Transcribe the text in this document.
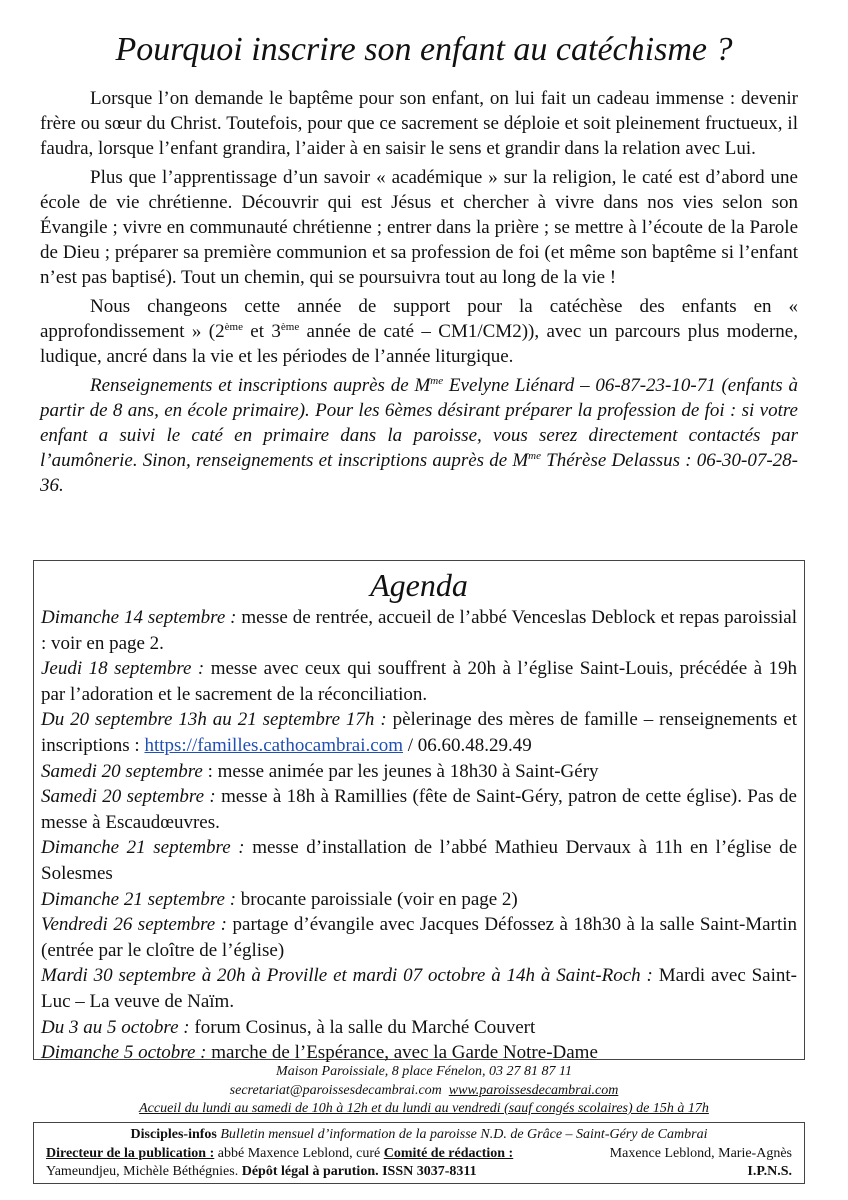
Pourquoi inscrire son enfant au catéchisme ?

Lorsque l’on demande le baptême pour son enfant, on lui fait un cadeau immense : devenir frère ou sœur du Christ. Toutefois, pour que ce sacrement se déploie et soit pleinement fructueux, il faudra, lorsque l’enfant grandira, l’aider à en saisir le sens et grandir dans la relation avec Lui.

Plus que l’apprentissage d’un savoir « académique » sur la religion, le caté est d’abord une école de vie chrétienne. Découvrir qui est Jésus et chercher à vivre dans nos vies selon son Évangile ; vivre en communauté chrétienne ; entrer dans la prière ; se mettre à l’écoute de la Parole de Dieu ; préparer sa première communion et sa profession de foi (et même son baptême si l’enfant n’est pas baptisé). Tout un chemin, qui se poursuivra tout au long de la vie !

Nous changeons cette année de support pour la catéchèse des enfants en « approfondissement » (2ème et 3ème année de caté – CM1/CM2)), avec un parcours plus moderne, ludique, ancré dans la vie et les périodes de l’année liturgique.

Renseignements et inscriptions auprès de $M^{me}$ Evelyne Liénard – 06-87-23-10-71 (enfants à partir de 8 ans, en école primaire). Pour les 6èmes désirant préparer la profession de foi : si votre enfant a suivi le caté en primaire dans la paroisse, vous serez directement contactés par l’aumônerie. Sinon, renseignements et inscriptions auprès de $M^{me}$ Thérèse Delassus : 06-30-07-28-36.

Agenda
Dimanche 14 septembre : messe de rentrée, accueil de l’abbé Venceslas Deblock et repas paroissial : voir en page 2.
Jeudi 18 septembre : messe avec ceux qui souffrent à 20h à l’église Saint-Louis, précédée à 19h par l’adoration et le sacrement de la réconciliation.
Du 20 septembre 13h au 21 septembre 17h : pèlerinage des mères de famille – renseignements et inscriptions : https://familles.cathocambrai.com / 06.60.48.29.49
Samedi 20 septembre : messe animée par les jeunes à 18h30 à Saint-Géry
Samedi 20 septembre : messe à 18h à Ramillies (fête de Saint-Géry, patron de cette église). Pas de messe à Escaudœuvres.
Dimanche 21 septembre : messe d’installation de l’abbé Mathieu Dervaux à 11h en l’église de Solesmes
Dimanche 21 septembre : brocante paroissiale (voir en page 2)
Vendredi 26 septembre : partage d’évangile avec Jacques Défossez à 18h30 à la salle Saint-Martin (entrée par le cloître de l’église)
Mardi 30 septembre à 20h à Proville et mardi 07 octobre à 14h à Saint-Roch : Mardi avec Saint-Luc – La veuve de Naïm.
Du 3 au 5 octobre : forum Cosinus, à la salle du Marché Couvert
Dimanche 5 octobre : marche de l’Espérance, avec la Garde Notre-Dame
Maison Paroissiale, 8 place Fénelon, 03 27 81 87 11
secretariat@paroissesdecambrai.com www.paroissesdecambrai.com
Accueil du lundi au samedi de 10h à 12h et du lundi au vendredi (sauf congés scolaires) de 15h à 17h
Disciples-infos Bulletin mensuel d’information de la paroisse N.D. de Grâce – Saint-Géry de Cambrai
Directeur de la publication : abbé Maxence Leblond, curé Comité de rédaction :	Maxence Leblond, Marie-Agnès
Yameundjeu, Michèle Béthégnies. Dépôt légal à parution. ISSN 3037-8311	I.P.N.S.
